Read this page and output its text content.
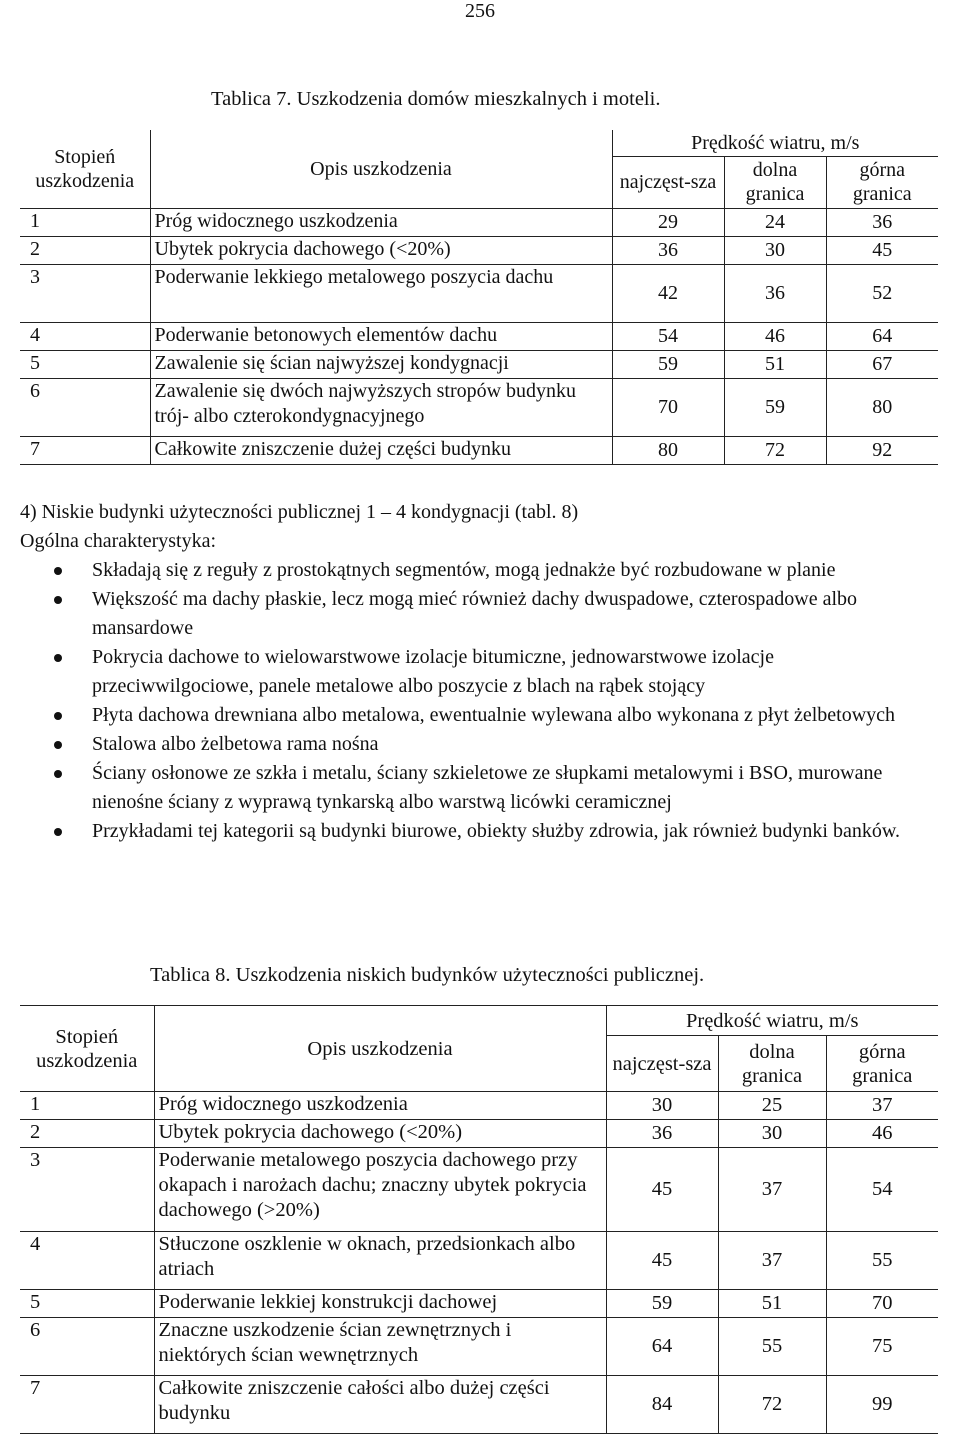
256
Tablica 7. Uszkodzenia domów mieszkalnych i moteli.
Stopień uszkodzenia	Opis uszkodzenia	Prędkość wiatru, m/s		
		najczęst-sza	dolna granica	górna granica

1	Próg widocznego uszkodzenia	29	24	36
2	Ubytek pokrycia dachowego (<20%)	36	30	45
3	Poderwanie lekkiego metalowego poszycia dachu	42	36	52
4	Poderwanie betonowych elementów dachu	54	46	64
5	Zawalenie się ścian najwyższej kondygnacji	59	51	67
6	Zawalenie się dwóch najwyższych stropów budynku trój- albo czterokondygnacyjnego	70	59	80
7	Całkowite zniszczenie dużej części budynku	80	72	92
4) Niskie budynki użyteczności publicznej 1 – 4 kondygnacji (tabl. 8)
Ogólna charakterystyka:
Składają się z reguły z prostokątnych segmentów, mogą jednakże być rozbudowane w planie
Większość ma dachy płaskie, lecz mogą mieć również dachy dwuspadowe, czterospadowe albo mansardowe
Pokrycia dachowe to wielowarstwowe izolacje bitumiczne, jednowarstwowe izolacje przeciwwilgociowe, panele metalowe albo poszycie z blach na rąbek stojący
Płyta dachowa drewniana albo metalowa, ewentualnie wylewana albo wykonana z płyt żelbetowych
Stalowa albo żelbetowa rama nośna
Ściany osłonowe ze szkła i metalu, ściany szkieletowe ze słupkami metalowymi i BSO, murowane nienośne ściany z wyprawą tynkarską albo warstwą licówki ceramicznej
Przykładami tej kategorii są budynki biurowe, obiekty służby zdrowia, jak również budynki banków.
Tablica 8. Uszkodzenia niskich budynków użyteczności publicznej.
Stopień uszkodzenia	Opis uszkodzenia	Prędkość wiatru, m/s		
		najczęst-sza	dolna granica	górna granica

1	Próg widocznego uszkodzenia	30	25	37
2	Ubytek pokrycia dachowego (<20%)	36	30	46
3	Poderwanie metalowego poszycia dachowego przy okapach i narożach dachu; znaczny ubytek pokrycia dachowego (>20%)	45	37	54
4	Stłuczone oszklenie w oknach, przedsionkach albo atriach	45	37	55
5	Poderwanie lekkiej konstrukcji dachowej	59	51	70
6	Znaczne uszkodzenie ścian zewnętrznych i niektórych ścian wewnętrznych	64	55	75
7	Całkowite zniszczenie całości albo dużej części budynku	84	72	99
